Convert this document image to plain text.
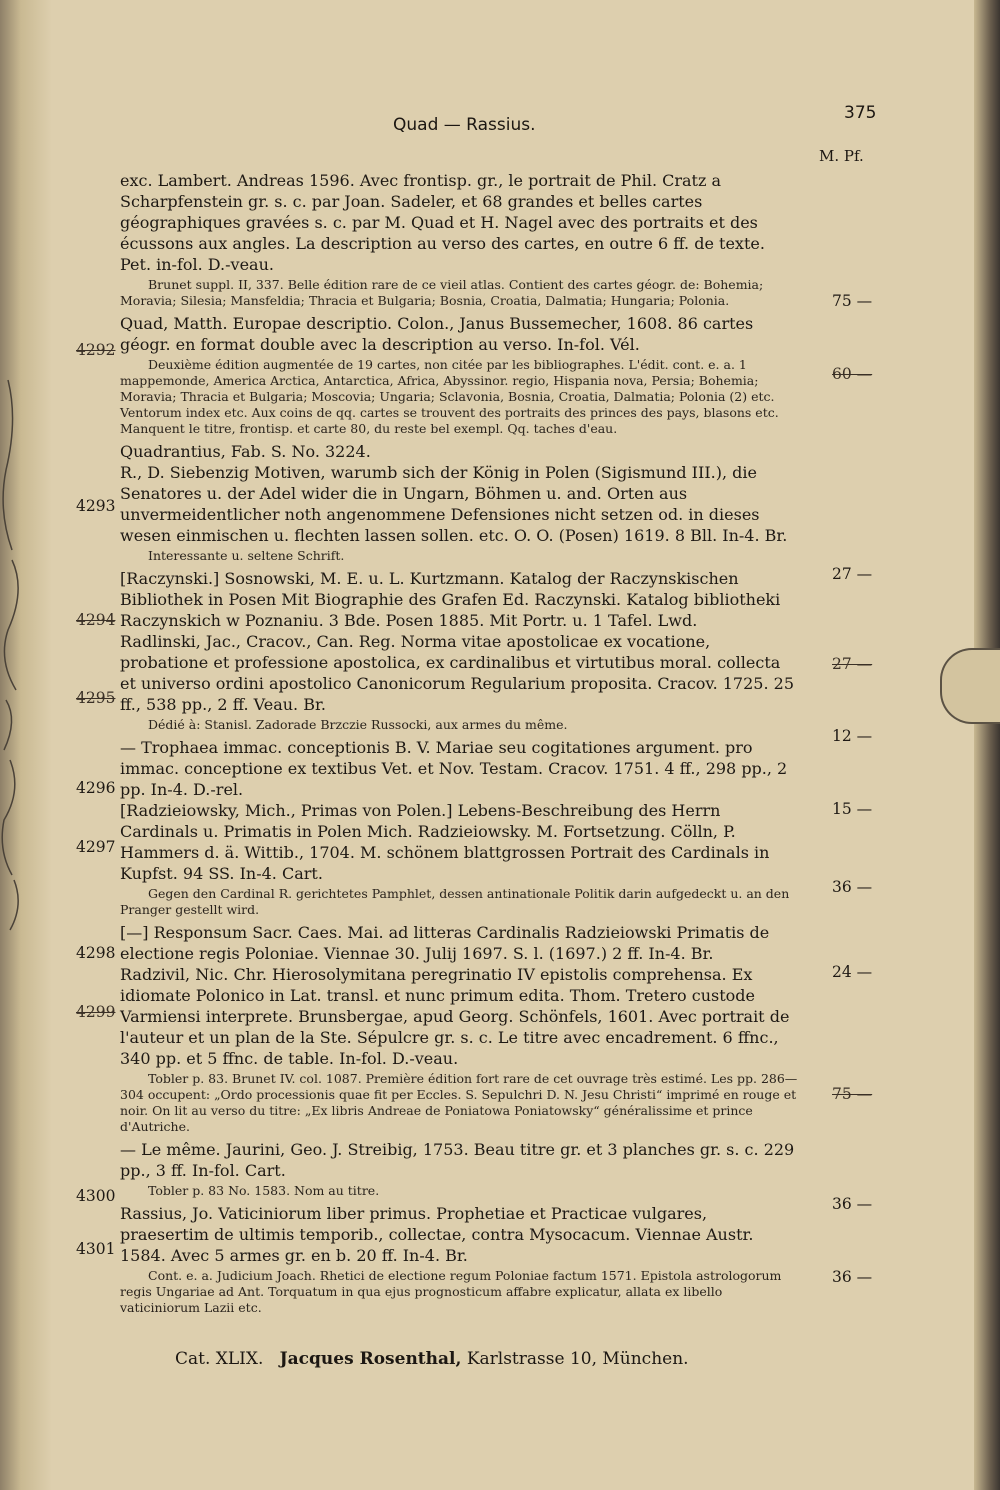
Quad — Rassius.
375
M. Pf.
4292
4293
4294
4295
4296
4297
4298
4299
4300
4301
75 —
60 —
27 —
27 —
12 —
15 —
36 —
24 —
75 —
36 —
36 —

exc. Lambert. Andreas 1596. Avec frontisp. gr., le portrait de Phil. Cratz a Scharpfenstein gr. s. c. par Joan. Sadeler, et 68 grandes et belles cartes géographiques gravées s. c. par M. Quad et H. Nagel avec des portraits et des écussons aux angles. La description au verso des cartes, en outre 6 ff. de texte. Pet. in-fol. D.-veau.

Brunet suppl. II, 337. Belle édition rare de ce vieil atlas. Contient des cartes géogr. de: Bohemia; Moravia; Silesia; Mansfeldia; Thracia et Bulgaria; Bosnia, Croatia, Dalmatia; Hungaria; Polonia.

Quad, Matth. Europae descriptio. Colon., Janus Bussemecher, 1608. 86 cartes géogr. en format double avec la description au verso. In-fol. Vél.

Deuxième édition augmentée de 19 cartes, non citée par les bibliographes. L'édit. cont. e. a. 1 mappemonde, America Arctica, Antarctica, Africa, Abyssinor. regio, Hispania nova, Persia; Bohemia; Moravia; Thracia et Bulgaria; Moscovia; Ungaria; Sclavonia, Bosnia, Croatia, Dalmatia; Polonia (2) etc. Ventorum index etc. Aux coins de qq. cartes se trouvent des portraits des princes des pays, blasons etc. Manquent le titre, frontisp. et carte 80, du reste bel exempl. Qq. taches d'eau.

Quadrantius, Fab. S. No. 3224.

R., D. Siebenzig Motiven, warumb sich der König in Polen (Sigismund III.), die Senatores u. der Adel wider die in Ungarn, Böhmen u. and. Orten aus unvermeidentlicher noth angenommene Defensiones nicht setzen od. in dieses wesen einmischen u. flechten lassen sollen. etc. O. O. (Posen) 1619. 8 Bll. In-4. Br.

Interessante u. seltene Schrift.

[Raczynski.] Sosnowski, M. E. u. L. Kurtzmann. Katalog der Raczynskischen Bibliothek in Posen Mit Biographie des Grafen Ed. Raczynski. Katalog bibliotheki Raczynskich w Poznaniu. 3 Bde. Posen 1885. Mit Portr. u. 1 Tafel. Lwd.

Radlinski, Jac., Cracov., Can. Reg. Norma vitae apostolicae ex vocatione, probatione et professione apostolica, ex cardinalibus et virtutibus moral. collecta et universo ordini apostolico Canonicorum Regularium proposita. Cracov. 1725. 25 ff., 538 pp., 2 ff. Veau. Br.

Dédié à: Stanisl. Zadorade Brzczie Russocki, aux armes du même.

— Trophaea immac. conceptionis B. V. Mariae seu cogitationes argument. pro immac. conceptione ex textibus Vet. et Nov. Testam. Cracov. 1751. 4 ff., 298 pp., 2 pp. In-4. D.-rel.

[Radzieiowsky, Mich., Primas von Polen.] Lebens-Beschreibung des Herrn Cardinals u. Primatis in Polen Mich. Radzieiowsky. M. Fortsetzung. Cölln, P. Hammers d. ä. Wittib., 1704. M. schönem blattgrossen Portrait des Cardinals in Kupfst. 94 SS. In-4. Cart.

Gegen den Cardinal R. gerichtetes Pamphlet, dessen antinationale Politik darin aufgedeckt u. an den Pranger gestellt wird.

[—] Responsum Sacr. Caes. Mai. ad litteras Cardinalis Radzieiowski Primatis de electione regis Poloniae. Viennae 30. Julij 1697. S. l. (1697.) 2 ff. In-4. Br.

Radzivil, Nic. Chr. Hierosolymitana peregrinatio IV epistolis comprehensa. Ex idiomate Polonico in Lat. transl. et nunc primum edita. Thom. Tretero custode Varmiensi interprete. Brunsbergae, apud Georg. Schönfels, 1601. Avec portrait de l'auteur et un plan de la Ste. Sépulcre gr. s. c. Le titre avec encadrement. 6 ffnc., 340 pp. et 5 ffnc. de table. In-fol. D.-veau.

Tobler p. 83. Brunet IV. col. 1087. Première édition fort rare de cet ouvrage très estimé. Les pp. 286—304 occupent: „Ordo processionis quae fit per Eccles. S. Sepulchri D. N. Jesu Christi“ imprimé en rouge et noir. On lit au verso du titre: „Ex libris Andreae de Poniatowa Poniatowsky“ généralissime et prince d'Autriche.

— Le même. Jaurini, Geo. J. Streibig, 1753. Beau titre gr. et 3 planches gr. s. c. 229 pp., 3 ff. In-fol. Cart.

Tobler p. 83 No. 1583. Nom au titre.

Rassius, Jo. Vaticiniorum liber primus. Prophetiae et Practicae vulgares, praesertim de ultimis temporib., collectae, contra Mysocacum. Viennae Austr. 1584. Avec 5 armes gr. en b. 20 ff. In-4. Br.

Cont. e. a. Judicium Joach. Rhetici de electione regum Poloniae factum 1571. Epistola astrologorum regis Ungariae ad Ant. Torquatum in qua ejus prognosticum affabre explicatur, allata ex libello vaticiniorum Lazii etc.

Cat. XLIX. Jacques Rosenthal, Karlstrasse 10, München.
